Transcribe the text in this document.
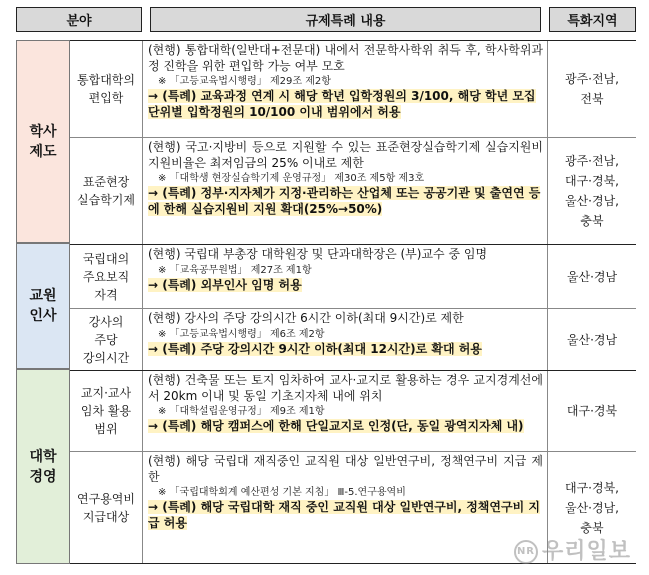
분야	규제특례 내용	특화지역
학사
제도
교원
인사
대학
경영
통합대학의
편입학
(현행) 통합대학(일반대+전문대) 내에서 전문학사학위 취득 후, 학사학위과정 진학을 위한 편입학 가능 여부 모호
※ 「고등교육법시행령」 제29조 제2항
→ (특례) 교육과정 연계 시 해당 학년 입학정원의 3/100, 해당 학년 모집단위별 입학정원의 10/100 이내 범위에서 허용
광주·전남,
전북
표준현장
실습학기제
(현행) 국고·지방비 등으로 지원할 수 있는 표준현장실습학기제 실습지원비 지원비율은 최저임금의 25% 이내로 제한
※ 「대학생 현장실습학기제 운영규정」 제30조 제5항 제3호
→ (특례) 정부·지자체가 지정·관리하는 산업체 또는 공공기관 및 출연연 등에 한해 실습지원비 지원 확대(25%→50%)
광주·전남,
대구·경북,
울산·경남,
충북
국립대의
주요보직
자격
(현행) 국립대 부총장 대학원장 및 단과대학장은 (부)교수 중 임명
※ 「교육공무원법」 제27조 제1항
→ (특례) 외부인사 임명 허용
울산·경남
강사의
주당
강의시간
(현행) 강사의 주당 강의시간 6시간 이하(최대 9시간)로 제한
※ 「고등교육법시행령」 제6조 제2항
→ (특례) 주당 강의시간 9시간 이하(최대 12시간)로 확대 허용
울산·경남
교지·교사
임차 활용
범위
(현행) 건축물 또는 토지 임차하여 교사·교지로 활용하는 경우 교지경계선에서 20km 이내 및 동일 기초지자체 내에 위치
※ 「대학설립운영규정」 제9조 제1항
→ (특례) 해당 캠퍼스에 한해 단일교지로 인정(단, 동일 광역지자체 내)
대구·경북
연구용역비
지급대상
(현행) 해당 국립대 재직중인 교직원 대상 일반연구비, 정책연구비 지급 제한
※ 「국립대학회계 예산편성 기본 지침」 Ⅲ-5.연구용역비
→ (특례) 해당 국립대학 재직 중인 교직원 대상 일반연구비, 정책연구비 지급 허용
대구·경북,
울산·경남,
충북
NR 우리일보
